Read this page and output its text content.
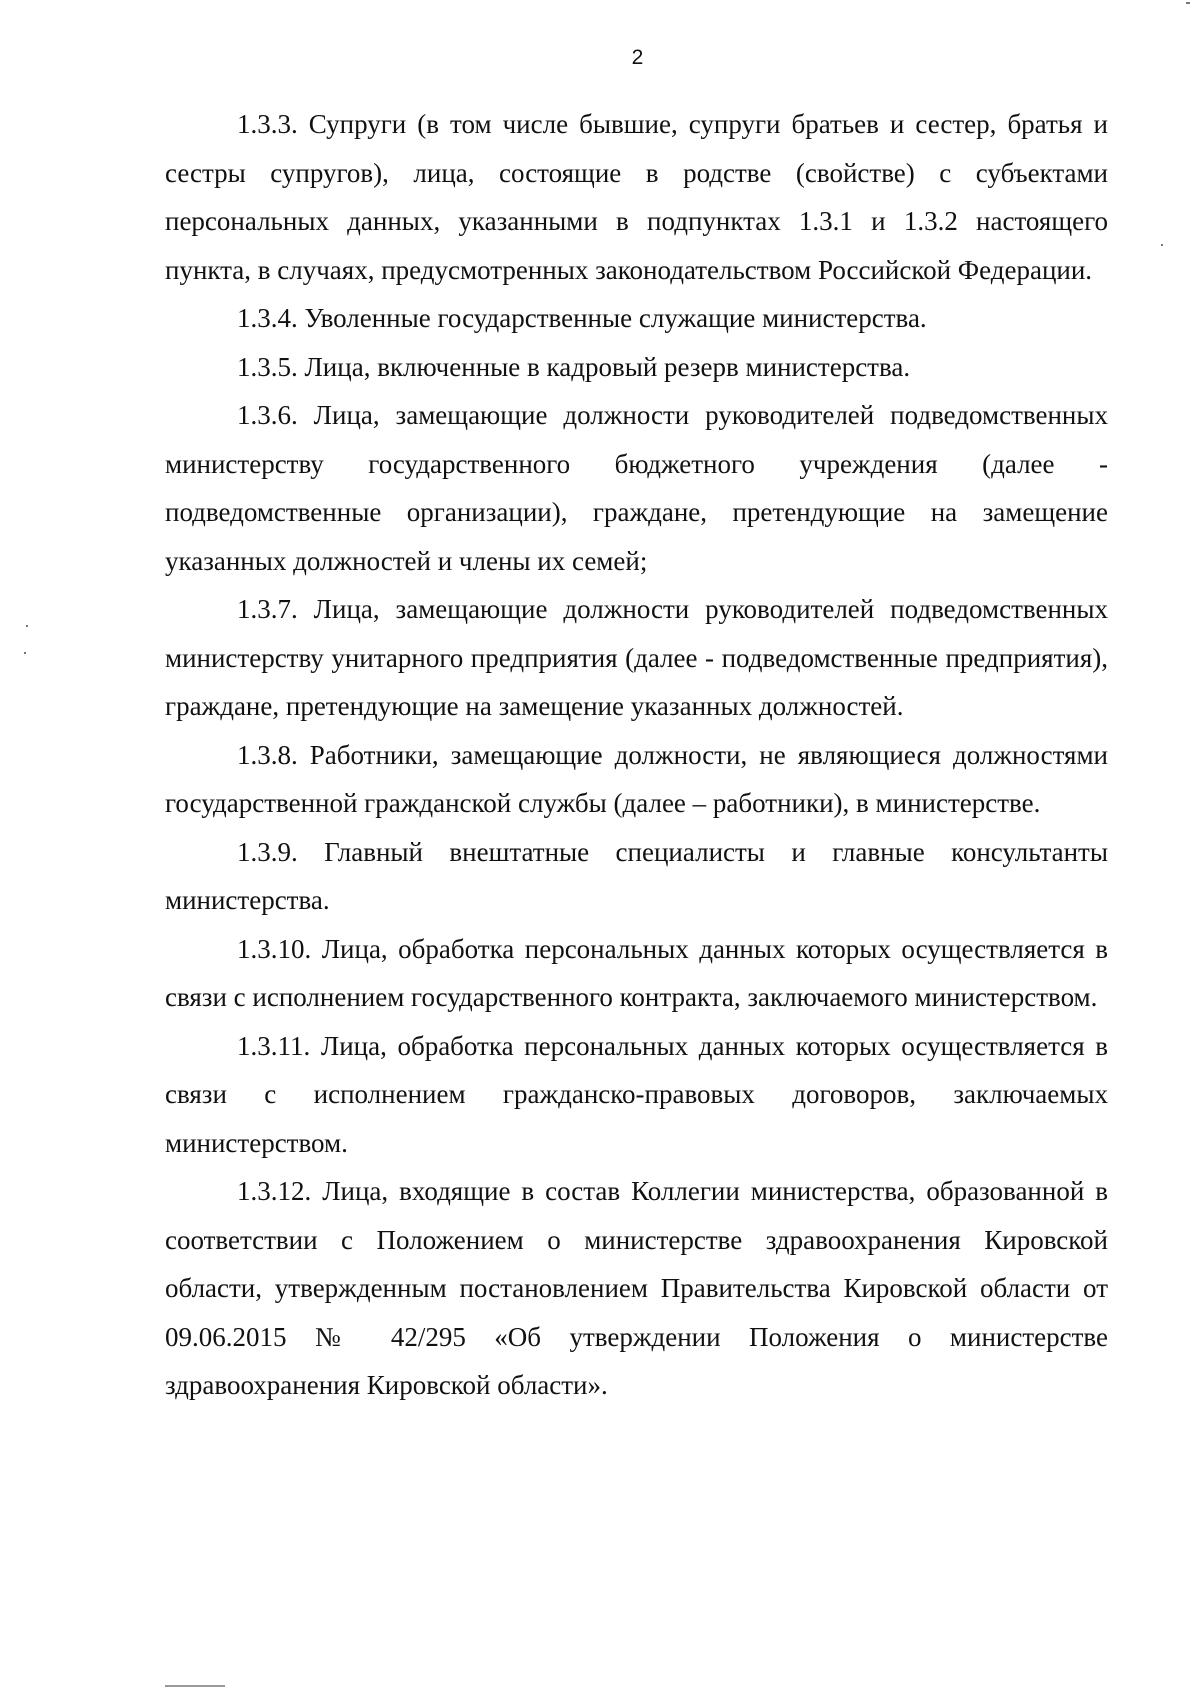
2

1.3.3. Супруги (в том числе бывшие, супруги братьев и сестер, братья и сестры супругов), лица, состоящие в родстве (свойстве) с субъектами персональных данных, указанными в подпунктах 1.3.1 и 1.3.2 настоящего пункта, в случаях, предусмотренных законодательством Российской Федерации.

1.3.4. Уволенные государственные служащие министерства.

1.3.5. Лица, включенные в кадровый резерв министерства.

1.3.6. Лица, замещающие должности руководителей подведомственных министерству государственного бюджетного учреждения (далее - подведомственные организации), граждане, претендующие на замещение указанных должностей и члены их семей;

1.3.7. Лица, замещающие должности руководителей подведомственных министерству унитарного предприятия (далее - подведомственные предприятия), граждане, претендующие на замещение указанных должностей.

1.3.8. Работники, замещающие должности, не являющиеся должностями государственной гражданской службы (далее – работники), в министерстве.

1.3.9. Главный внештатные специалисты и главные консультанты министерства.

1.3.10. Лица, обработка персональных данных которых осуществляется в связи с исполнением государственного контракта, заключаемого министерством.

1.3.11. Лица, обработка персональных данных которых осуществляется в связи с исполнением гражданско-правовых договоров, заключаемых министерством.

1.3.12. Лица, входящие в состав Коллегии министерства, образованной в соответствии с Положением о министерстве здравоохранения Кировской области, утвержденным постановлением Правительства Кировской области от 09.06.2015 № 42/295 «Об утверждении Положения о министерстве здравоохранения Кировской области».
